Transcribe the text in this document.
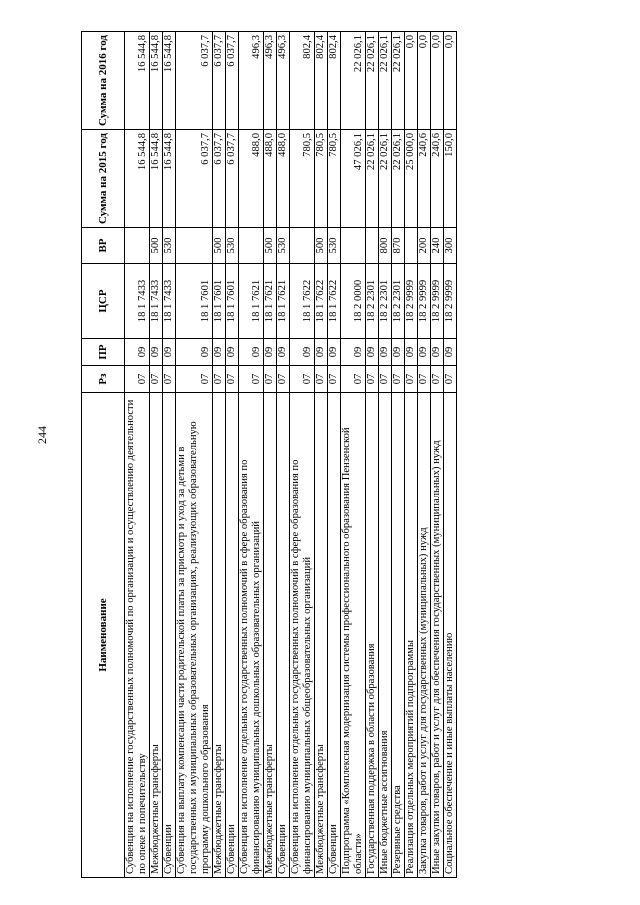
244
Наименование	Рз	ПР	ЦСР	ВР	Сумма на 2015 год	Сумма на 2016 год
Субвенция на исполнение государственных полномочий по организации и осуществлению деятельности по опеке и попечительству	07	09	18 1 7433		16 544,8	16 544,8
Межбюджетные трансферты	07	09	18 1 7433	500	16 544,8	16 544,8
Субвенции	07	09	18 1 7433	530	16 544,8	16 544,8
Субвенция на выплату компенсации части родительской платы за присмотр и уход за детьми в государственных и муниципальных образовательных организациях, реализующих образовательную программу дошкольного образования	07	09	18 1 7601		6 037,7	6 037,7
Межбюджетные трансферты	07	09	18 1 7601	500	6 037,7	6 037,7
Субвенции	07	09	18 1 7601	530	6 037,7	6 037,7
Субвенция на исполнение отдельных государственных полномочий в сфере образования по финансированию муниципальных дошкольных образовательных организаций	07	09	18 1 7621		488,0	496,3
Межбюджетные трансферты	07	09	18 1 7621	500	488,0	496,3
Субвенции	07	09	18 1 7621	530	488,0	496,3
Субвенция на исполнение отдельных государственных полномочий в сфере образования по финансированию муниципальных общеобразовательных организаций	07	09	18 1 7622		780,5	802,4
Межбюджетные трансферты	07	09	18 1 7622	500	780,5	802,4
Субвенции	07	09	18 1 7622	530	780,5	802,4
Подпрограмма «Комплексная модернизация системы профессионального образования Пензенской области»	07	09	18 2 0000		47 026,1	22 026,1
Государственная поддержка в области образования	07	09	18 2 2301		22 026,1	22 026,1
Иные бюджетные ассигнования	07	09	18 2 2301	800	22 026,1	22 026,1
Резервные средства	07	09	18 2 2301	870	22 026,1	22 026,1
Реализация отдельных мероприятий подпрограммы	07	09	18 2 9999		25 000,0	0,0
Закупка товаров, работ и услуг для государственных (муниципальных) нужд	07	09	18 2 9999	200	240,6	0,0
Иные закупки товаров, работ и услуг для обеспечения государственных (муниципальных) нужд	07	09	18 2 9999	240	240,6	0,0
Социальное обеспечение и иные выплаты населению	07	09	18 2 9999	300	150,0	0,0
